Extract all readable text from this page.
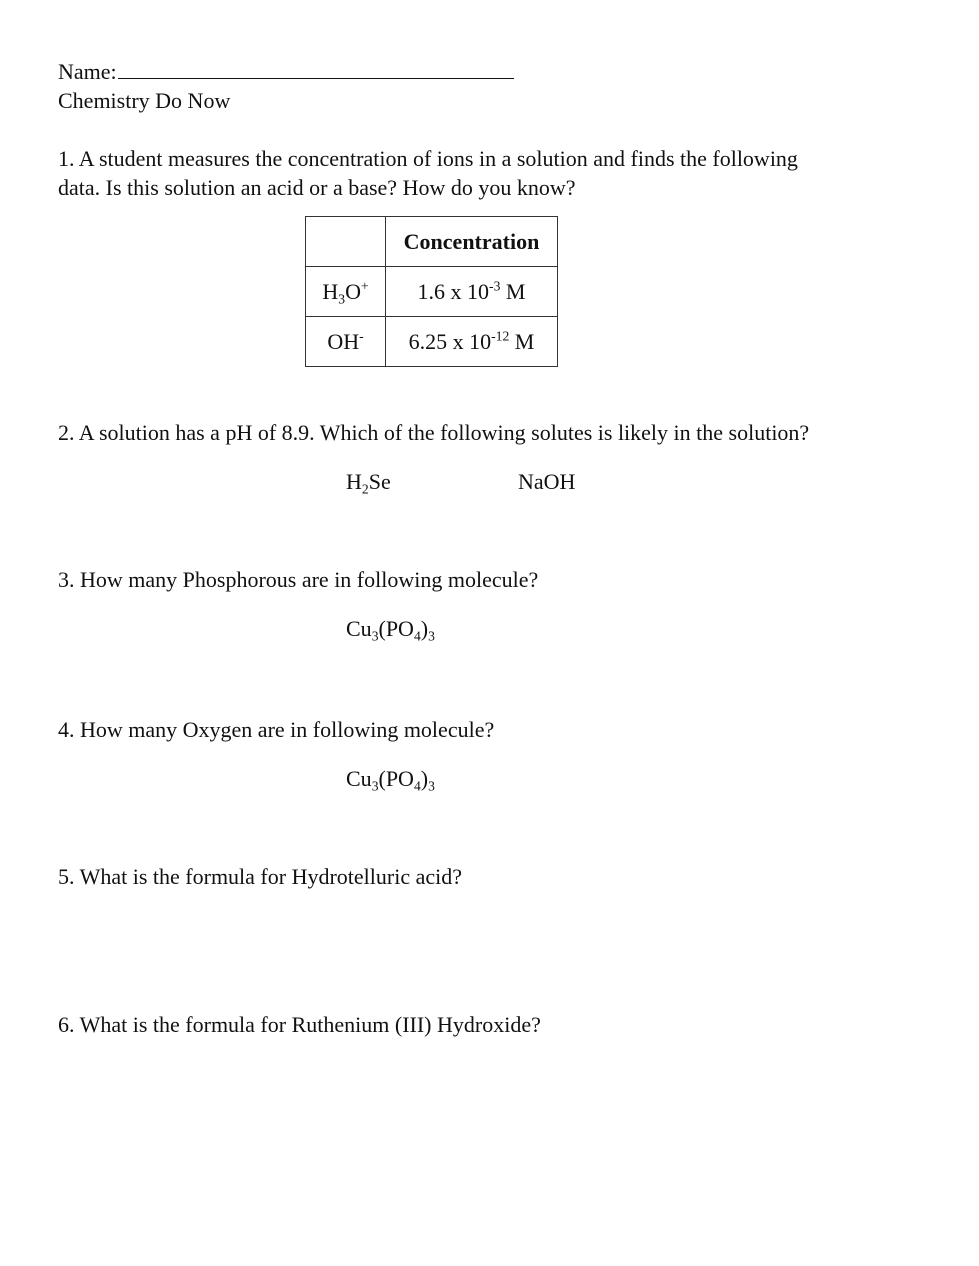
Name:
Chemistry Do Now
1. A student measures the concentration of ions in a solution and finds the following
data. Is this solution an acid or a base? How do you know?
	Concentration
$H_3O^+$	1.6 x $10^{-3}$ M
OH-	6.25 x $10^{-12}$ M
2. A solution has a pH of 8.9. Which of the following solutes is likely in the solution?
$H_2Se$	NaOH
3. How many Phosphorous are in following molecule?
$Cu_3(PO_4)_3$
4. How many Oxygen are in following molecule?
$Cu_3(PO_4)_3$
5. What is the formula for Hydrotelluric acid?
6. What is the formula for Ruthenium (III) Hydroxide?
